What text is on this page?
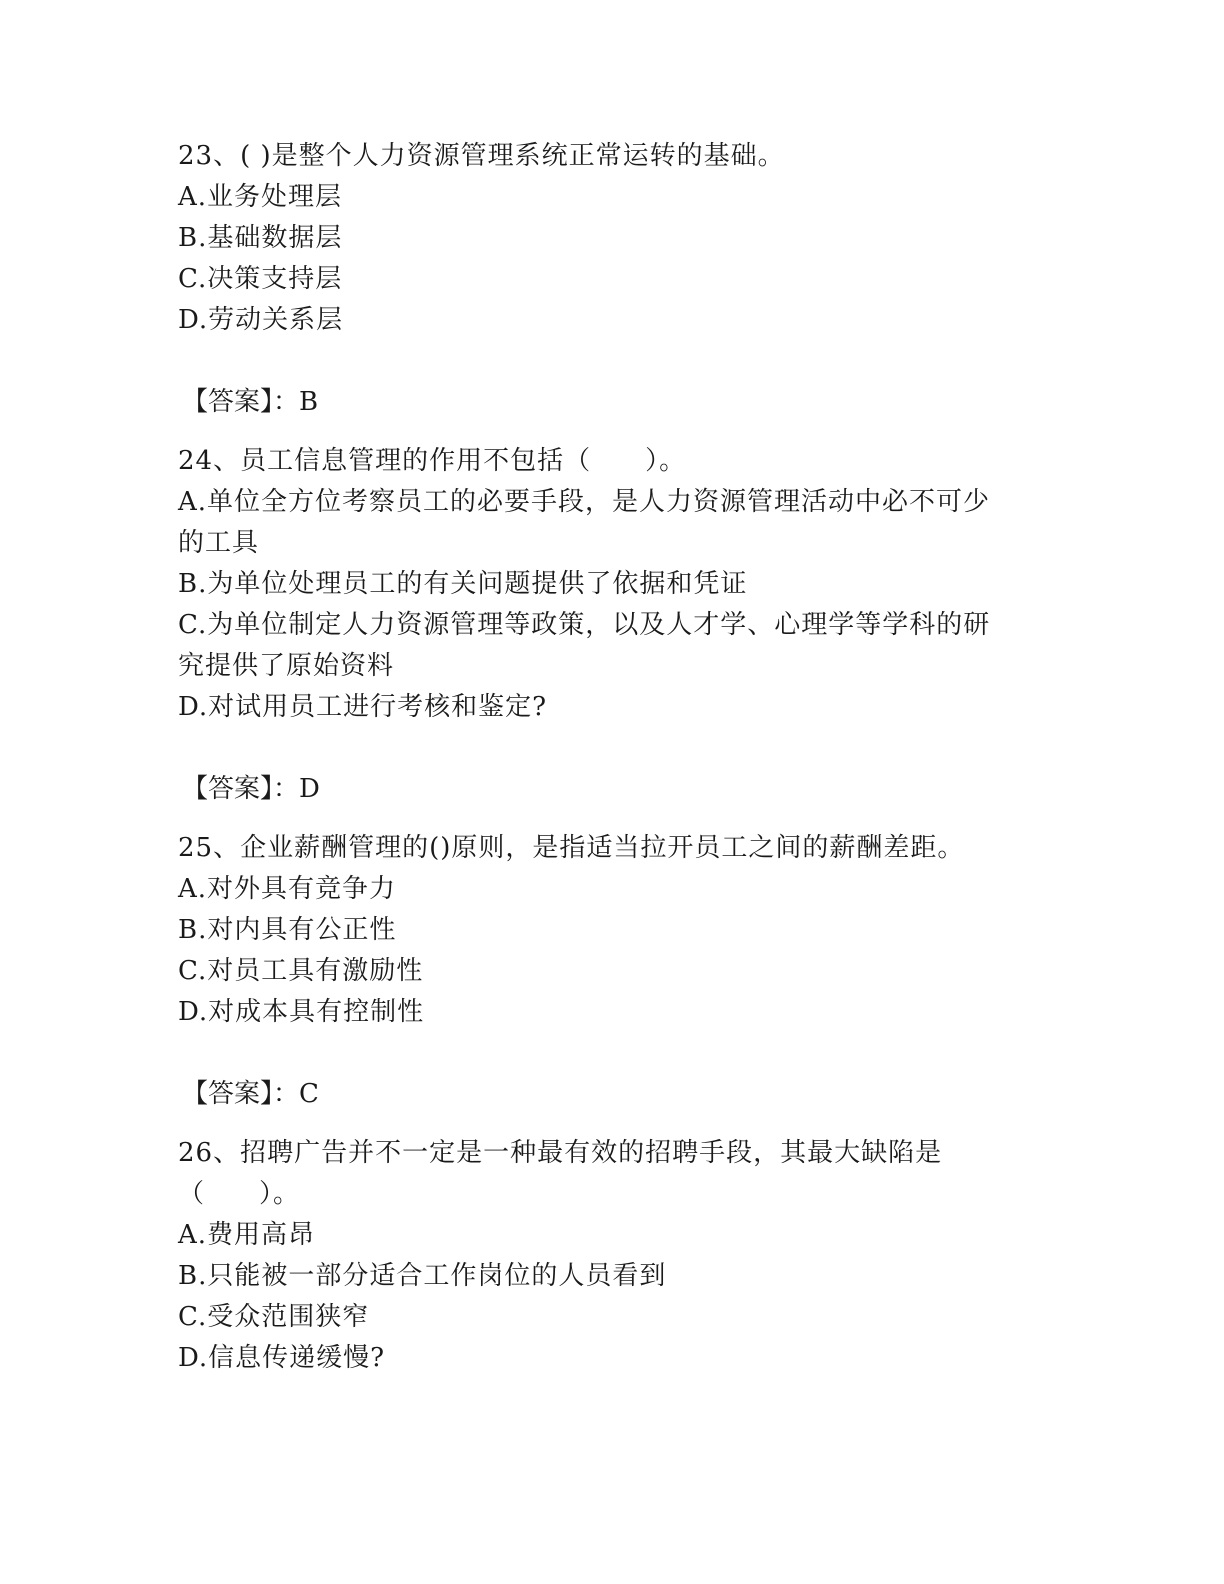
23、( )是整个人力资源管理系统正常运转的基础。
A.业务处理层
B.基础数据层
C.决策支持层
D.劳动关系层
【答案】：B
24、员工信息管理的作用不包括（　　）。
A.单位全方位考察员工的必要手段，是人力资源管理活动中必不可少
的工具
B.为单位处理员工的有关问题提供了依据和凭证
C.为单位制定人力资源管理等政策，以及人才学、心理学等学科的研
究提供了原始资料
D.对试用员工进行考核和鉴定?
【答案】：D
25、企业薪酬管理的()原则，是指适当拉开员工之间的薪酬差距。
A.对外具有竞争力
B.对内具有公正性
C.对员工具有激励性
D.对成本具有控制性
【答案】：C
26、招聘广告并不一定是一种最有效的招聘手段，其最大缺陷是
（　　）。
A.费用高昂
B.只能被一部分适合工作岗位的人员看到
C.受众范围狭窄
D.信息传递缓慢?
